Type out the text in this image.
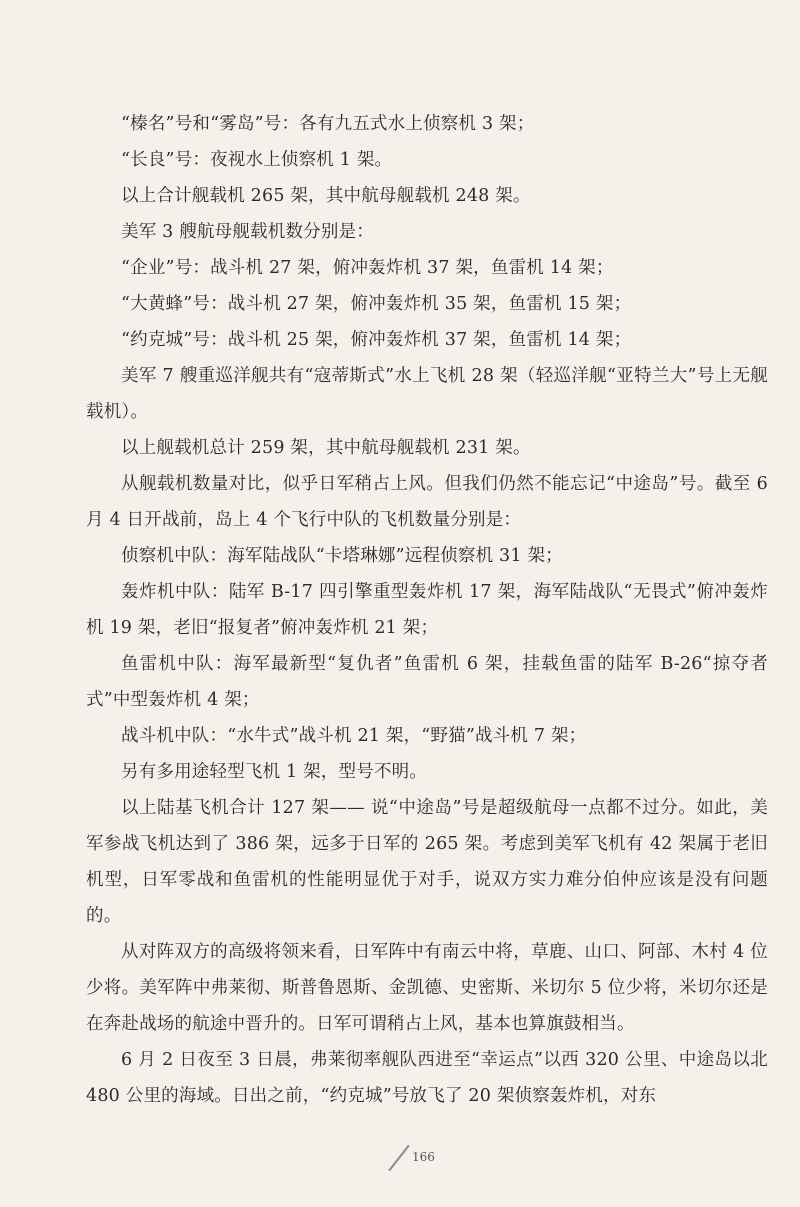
“榛名”号和“雾岛”号：各有九五式水上侦察机 3 架；

“长良”号：夜视水上侦察机 1 架。

以上合计舰载机 265 架，其中航母舰载机 248 架。

美军 3 艘航母舰载机数分别是：

“企业”号：战斗机 27 架，俯冲轰炸机 37 架，鱼雷机 14 架；

“大黄蜂”号：战斗机 27 架，俯冲轰炸机 35 架，鱼雷机 15 架；

“约克城”号：战斗机 25 架，俯冲轰炸机 37 架，鱼雷机 14 架；

美军 7 艘重巡洋舰共有“寇蒂斯式”水上飞机 28 架（轻巡洋舰“亚特兰大”号上无舰载机）。

以上舰载机总计 259 架，其中航母舰载机 231 架。

从舰载机数量对比，似乎日军稍占上风。但我们仍然不能忘记“中途岛”号。截至 6 月 4 日开战前，岛上 4 个飞行中队的飞机数量分别是：

侦察机中队：海军陆战队“卡塔琳娜”远程侦察机 31 架；

轰炸机中队：陆军 B-17 四引擎重型轰炸机 17 架，海军陆战队“无畏式”俯冲轰炸机 19 架，老旧“报复者”俯冲轰炸机 21 架；

鱼雷机中队：海军最新型“复仇者”鱼雷机 6 架，挂载鱼雷的陆军 B-26“掠夺者式”中型轰炸机 4 架；

战斗机中队：“水牛式”战斗机 21 架，“野猫”战斗机 7 架；

另有多用途轻型飞机 1 架，型号不明。

以上陆基飞机合计 127 架—— 说“中途岛”号是超级航母一点都不过分。如此，美军参战飞机达到了 386 架，远多于日军的 265 架。考虑到美军飞机有 42 架属于老旧机型，日军零战和鱼雷机的性能明显优于对手，说双方实力难分伯仲应该是没有问题的。

从对阵双方的高级将领来看，日军阵中有南云中将，草鹿、山口、阿部、木村 4 位少将。美军阵中弗莱彻、斯普鲁恩斯、金凯德、史密斯、米切尔 5 位少将，米切尔还是在奔赴战场的航途中晋升的。日军可谓稍占上风，基本也算旗鼓相当。

6 月 2 日夜至 3 日晨，弗莱彻率舰队西进至“幸运点”以西 320 公里、中途岛以北 480 公里的海域。日出之前，“约克城”号放飞了 20 架侦察轰炸机，对东

166
